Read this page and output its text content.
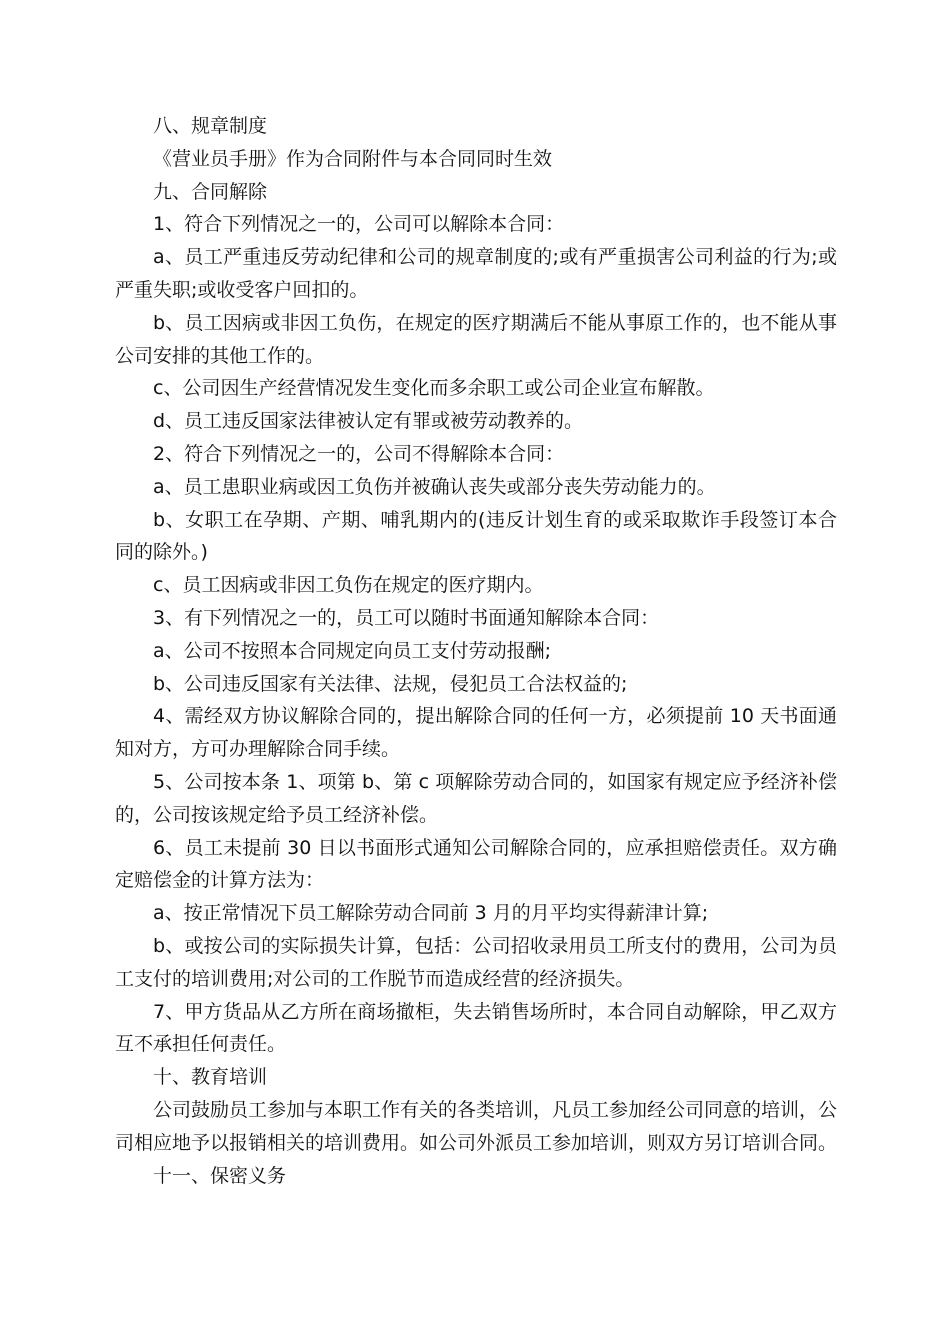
八、规章制度

《营业员手册》作为合同附件与本合同同时生效

九、合同解除

1、符合下列情况之一的，公司可以解除本合同：

a、员工严重违反劳动纪律和公司的规章制度的;或有严重损害公司利益的行为;或严重失职;或收受客户回扣的。

b、员工因病或非因工负伤，在规定的医疗期满后不能从事原工作的，也不能从事公司安排的其他工作的。

c、公司因生产经营情况发生变化而多余职工或公司企业宣布解散。

d、员工违反国家法律被认定有罪或被劳动教养的。

2、符合下列情况之一的，公司不得解除本合同：

a、员工患职业病或因工负伤并被确认丧失或部分丧失劳动能力的。

b、女职工在孕期、产期、哺乳期内的(违反计划生育的或采取欺诈手段签订本合同的除外。)

c、员工因病或非因工负伤在规定的医疗期内。

3、有下列情况之一的，员工可以随时书面通知解除本合同：

a、公司不按照本合同规定向员工支付劳动报酬;

b、公司违反国家有关法律、法规，侵犯员工合法权益的;

4、需经双方协议解除合同的，提出解除合同的任何一方，必须提前 10 天书面通知对方，方可办理解除合同手续。

5、公司按本条 1、项第 b、第 c 项解除劳动合同的，如国家有规定应予经济补偿的，公司按该规定给予员工经济补偿。

6、员工未提前 30 日以书面形式通知公司解除合同的，应承担赔偿责任。双方确定赔偿金的计算方法为：

a、按正常情况下员工解除劳动合同前 3 月的月平均实得薪津计算;

b、或按公司的实际损失计算，包括：公司招收录用员工所支付的费用，公司为员工支付的培训费用;对公司的工作脱节而造成经营的经济损失。

7、甲方货品从乙方所在商场撤柜，失去销售场所时，本合同自动解除，甲乙双方互不承担任何责任。

十、教育培训

公司鼓励员工参加与本职工作有关的各类培训，凡员工参加经公司同意的培训，公司相应地予以报销相关的培训费用。如公司外派员工参加培训，则双方另订培训合同。

十一、保密义务
